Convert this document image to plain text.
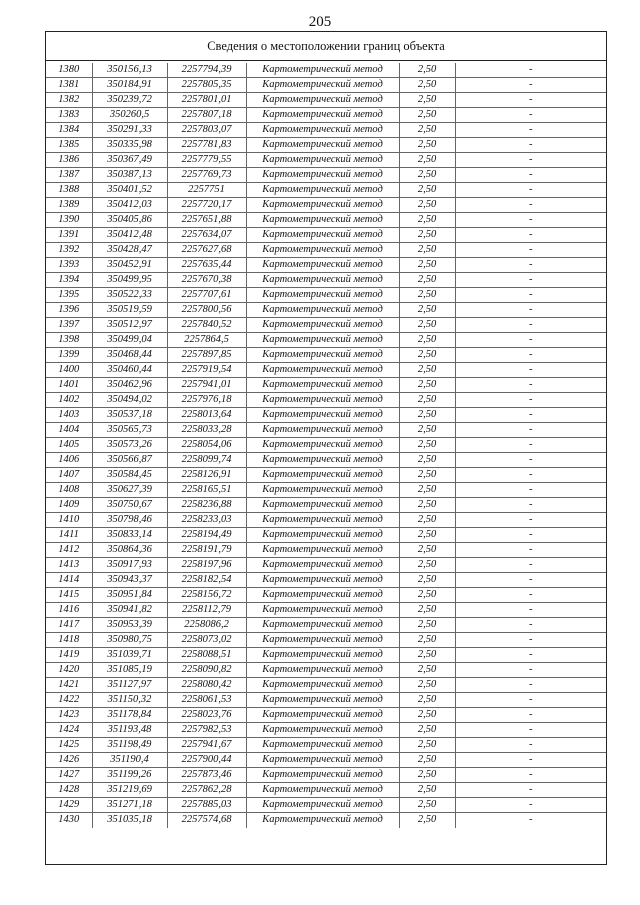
205
Сведения о местоположении границ объекта
1380	350156,13	2257794,39	Картометрический метод	2,50	-
1381	350184,91	2257805,35	Картометрический метод	2,50	-
1382	350239,72	2257801,01	Картометрический метод	2,50	-
1383	350260,5	2257807,18	Картометрический метод	2,50	-
1384	350291,33	2257803,07	Картометрический метод	2,50	-
1385	350335,98	2257781,83	Картометрический метод	2,50	-
1386	350367,49	2257779,55	Картометрический метод	2,50	-
1387	350387,13	2257769,73	Картометрический метод	2,50	-
1388	350401,52	2257751	Картометрический метод	2,50	-
1389	350412,03	2257720,17	Картометрический метод	2,50	-
1390	350405,86	2257651,88	Картометрический метод	2,50	-
1391	350412,48	2257634,07	Картометрический метод	2,50	-
1392	350428,47	2257627,68	Картометрический метод	2,50	-
1393	350452,91	2257635,44	Картометрический метод	2,50	-
1394	350499,95	2257670,38	Картометрический метод	2,50	-
1395	350522,33	2257707,61	Картометрический метод	2,50	-
1396	350519,59	2257800,56	Картометрический метод	2,50	-
1397	350512,97	2257840,52	Картометрический метод	2,50	-
1398	350499,04	2257864,5	Картометрический метод	2,50	-
1399	350468,44	2257897,85	Картометрический метод	2,50	-
1400	350460,44	2257919,54	Картометрический метод	2,50	-
1401	350462,96	2257941,01	Картометрический метод	2,50	-
1402	350494,02	2257976,18	Картометрический метод	2,50	-
1403	350537,18	2258013,64	Картометрический метод	2,50	-
1404	350565,73	2258033,28	Картометрический метод	2,50	-
1405	350573,26	2258054,06	Картометрический метод	2,50	-
1406	350566,87	2258099,74	Картометрический метод	2,50	-
1407	350584,45	2258126,91	Картометрический метод	2,50	-
1408	350627,39	2258165,51	Картометрический метод	2,50	-
1409	350750,67	2258236,88	Картометрический метод	2,50	-
1410	350798,46	2258233,03	Картометрический метод	2,50	-
1411	350833,14	2258194,49	Картометрический метод	2,50	-
1412	350864,36	2258191,79	Картометрический метод	2,50	-
1413	350917,93	2258197,96	Картометрический метод	2,50	-
1414	350943,37	2258182,54	Картометрический метод	2,50	-
1415	350951,84	2258156,72	Картометрический метод	2,50	-
1416	350941,82	2258112,79	Картометрический метод	2,50	-
1417	350953,39	2258086,2	Картометрический метод	2,50	-
1418	350980,75	2258073,02	Картометрический метод	2,50	-
1419	351039,71	2258088,51	Картометрический метод	2,50	-
1420	351085,19	2258090,82	Картометрический метод	2,50	-
1421	351127,97	2258080,42	Картометрический метод	2,50	-
1422	351150,32	2258061,53	Картометрический метод	2,50	-
1423	351178,84	2258023,76	Картометрический метод	2,50	-
1424	351193,48	2257982,53	Картометрический метод	2,50	-
1425	351198,49	2257941,67	Картометрический метод	2,50	-
1426	351190,4	2257900,44	Картометрический метод	2,50	-
1427	351199,26	2257873,46	Картометрический метод	2,50	-
1428	351219,69	2257862,28	Картометрический метод	2,50	-
1429	351271,18	2257885,03	Картометрический метод	2,50	-
1430	351035,18	2257574,68	Картометрический метод	2,50	-
